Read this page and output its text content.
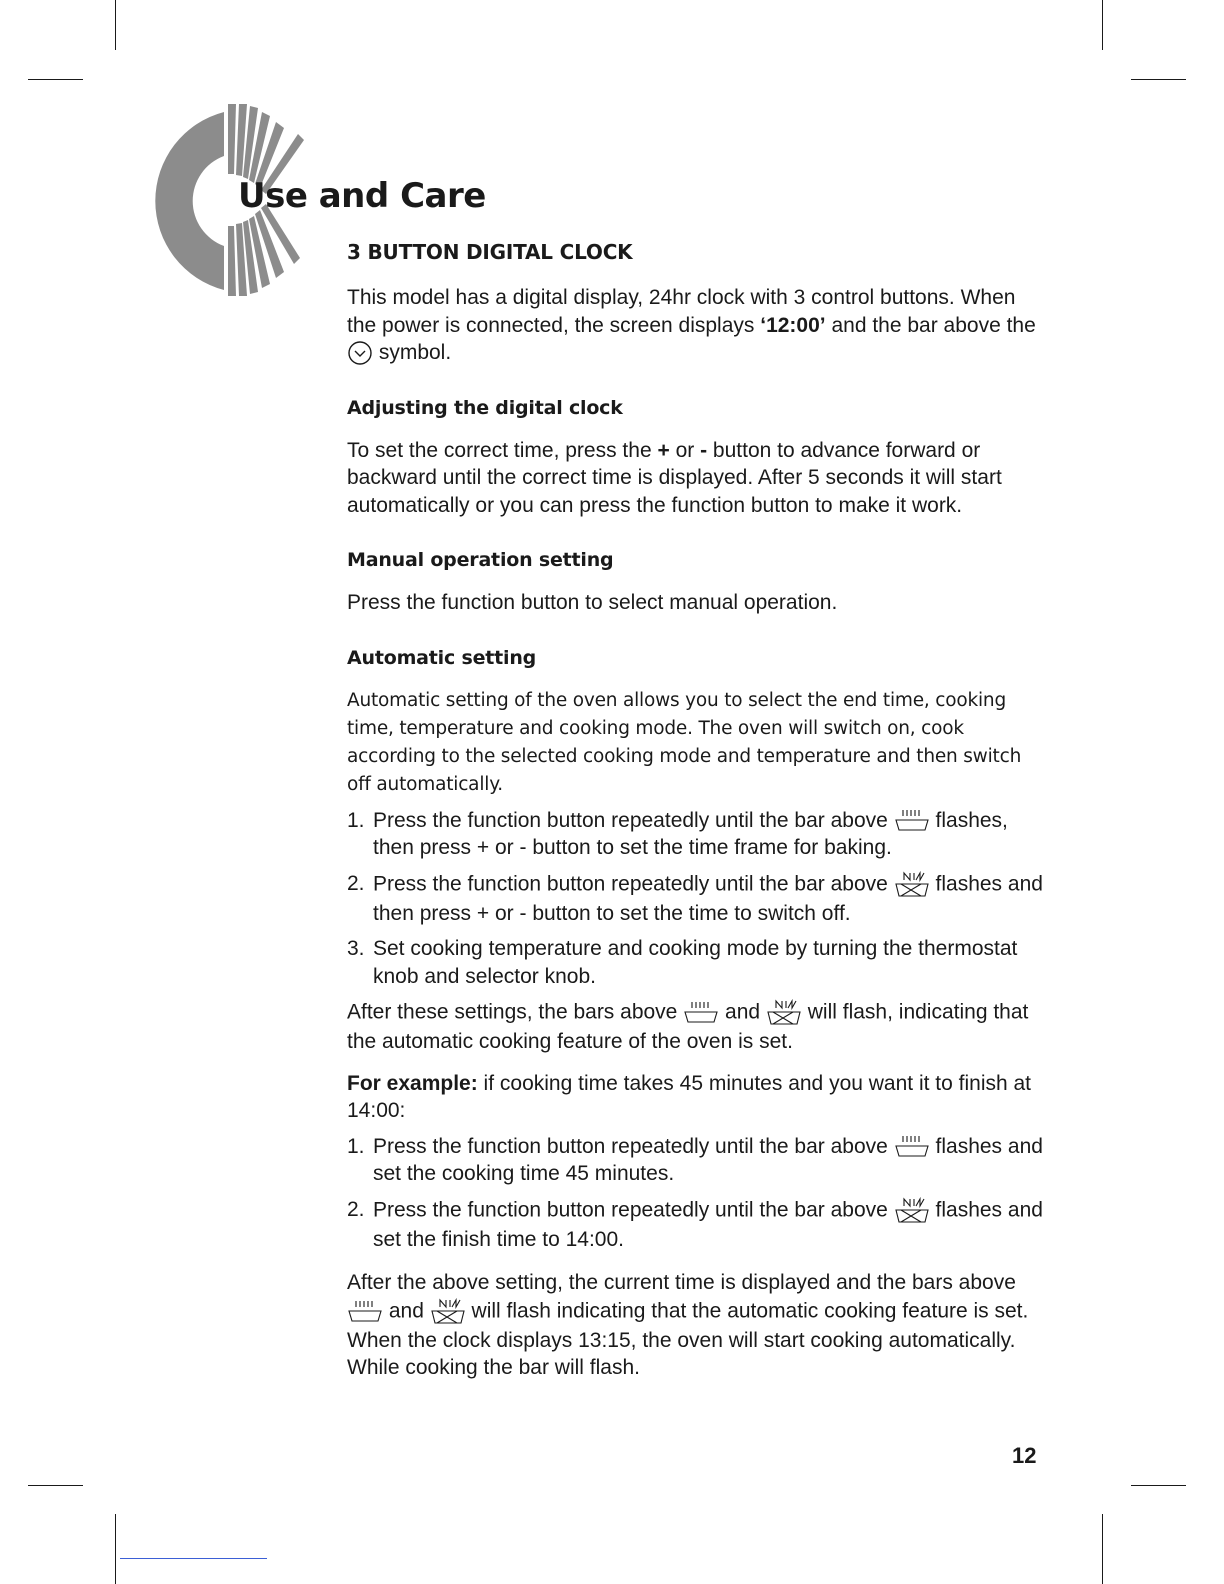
Use and Care
3 BUTTON DIGITAL CLOCK

This model has a digital display, 24hr clock with 3 control buttons. When the power is connected, the screen displays ‘12:00’ and the bar above the  symbol.

Adjusting the digital clock

To set the correct time, press the + or - button to advance forward or backward until the correct time is displayed. After 5 seconds it will start automatically or you can press the function button to make it work.

Manual operation setting

Press the function button to select manual operation.

Automatic setting

Automatic setting of the oven allows you to select the end time, cooking time, temperature and cooking mode. The oven will switch on, cook according to the selected cooking mode and temperature and then switch off automatically.

1. Press the function button repeatedly until the bar above  flashes, then press + or - button to set the time frame for baking.
2. Press the function button repeatedly until the bar above  flashes and then press + or - button to set the time to switch off.
3. Set cooking temperature and cooking mode by turning the thermostat knob and selector knob.

After these settings, the bars above  and  will flash, indicating that the automatic cooking feature of the oven is set.

For example: if cooking time takes 45 minutes and you want it to finish at 14:00:

1. Press the function button repeatedly until the bar above  flashes and set the cooking time 45 minutes.
2. Press the function button repeatedly until the bar above  flashes and set the finish time to 14:00.

After the above setting, the current time is displayed and the bars above  and  will flash indicating that the automatic cooking feature is set. When the clock displays 13:15, the oven will start cooking automatically. While cooking the bar will flash.

12
